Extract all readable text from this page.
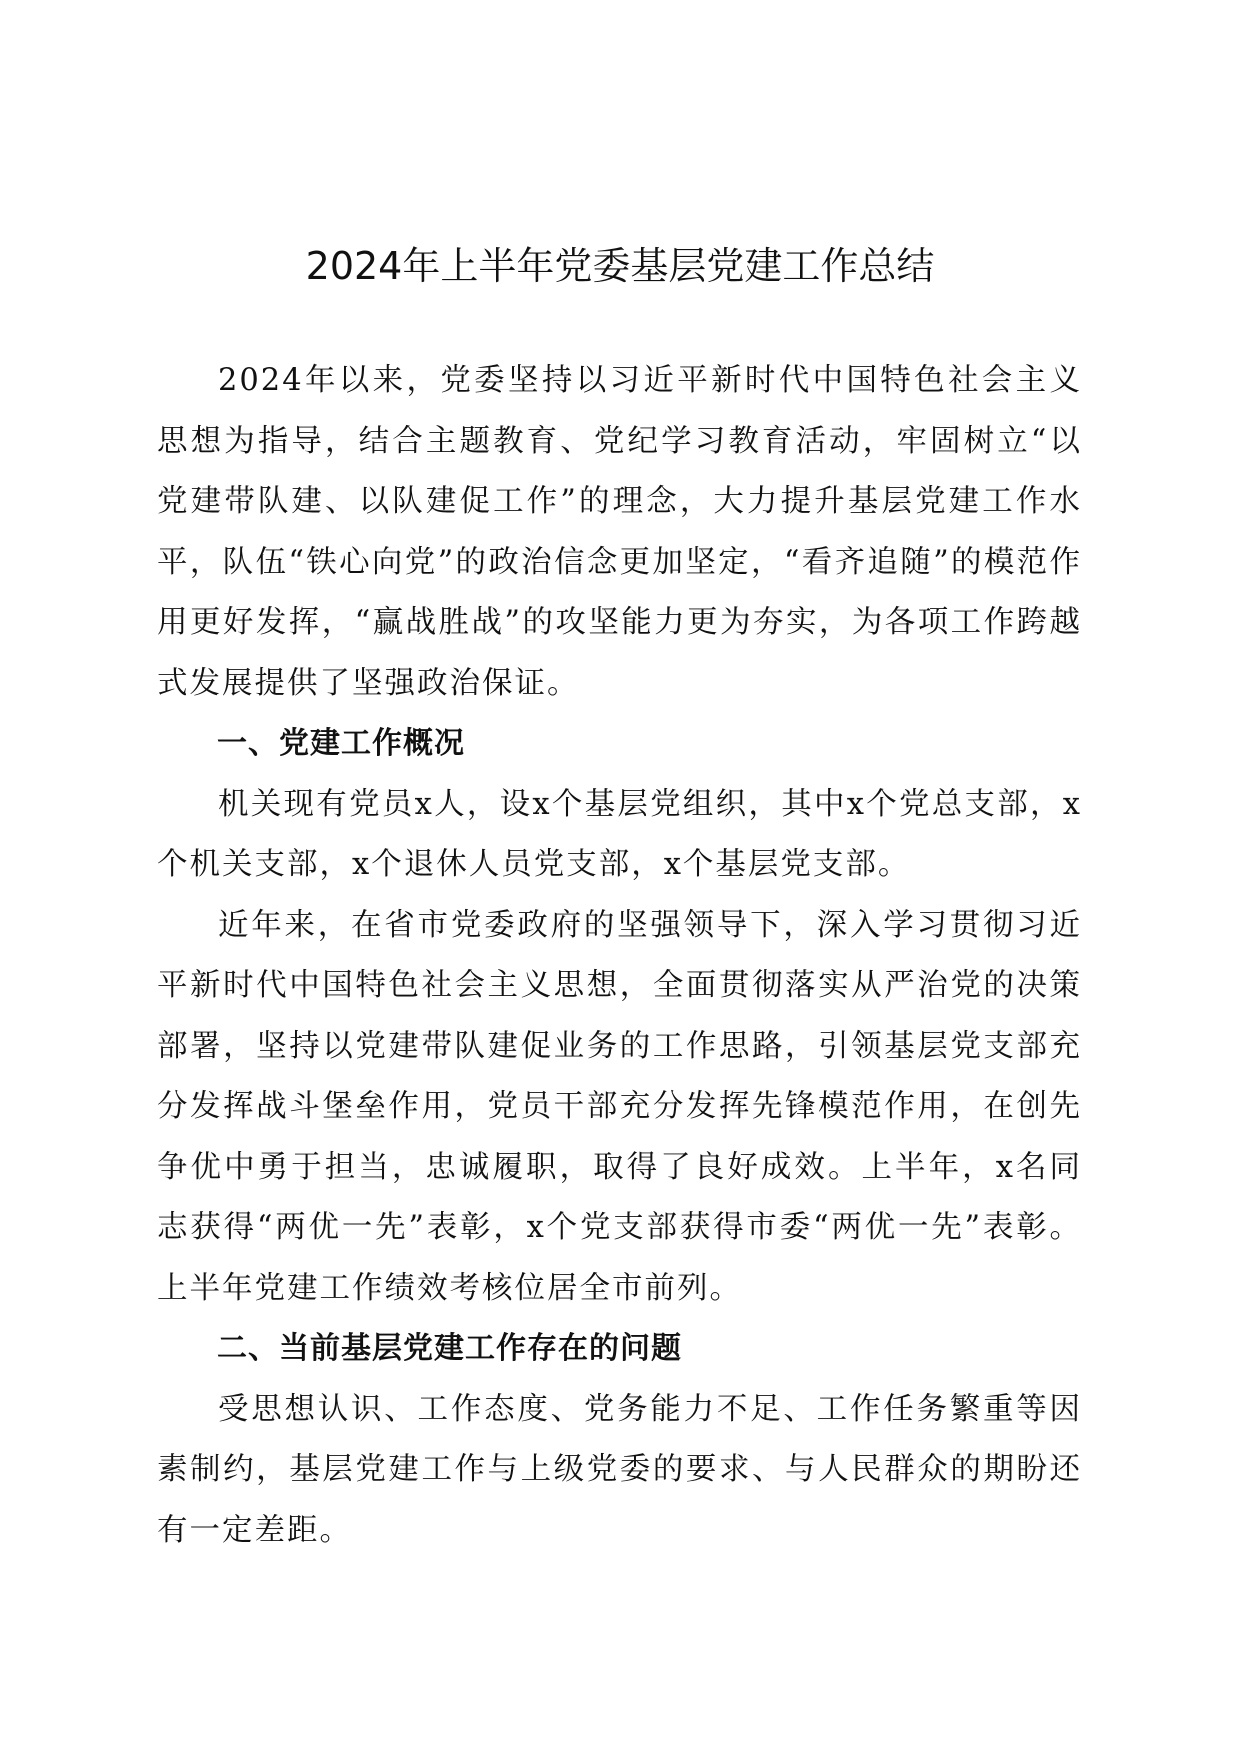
2024年上半年党委基层党建工作总结

2024年以来，党委坚持以习近平新时代中国特色社会主义思想为指导，结合主题教育、党纪学习教育活动，牢固树立“以党建带队建、以队建促工作”的理念，大力提升基层党建工作水平，队伍“铁心向党”的政治信念更加坚定，“看齐追随”的模范作用更好发挥，“赢战胜战”的攻坚能力更为夯实，为各项工作跨越式发展提供了坚强政治保证。

一、党建工作概况

机关现有党员x人，设x个基层党组织，其中x个党总支部，x个机关支部，x个退休人员党支部，x个基层党支部。

近年来，在省市党委政府的坚强领导下，深入学习贯彻习近平新时代中国特色社会主义思想，全面贯彻落实从严治党的决策部署，坚持以党建带队建促业务的工作思路，引领基层党支部充分发挥战斗堡垒作用，党员干部充分发挥先锋模范作用，在创先争优中勇于担当，忠诚履职，取得了良好成效。上半年，x名同志获得“两优一先”表彰，x个党支部获得市委“两优一先”表彰。上半年党建工作绩效考核位居全市前列。

二、当前基层党建工作存在的问题

受思想认识、工作态度、党务能力不足、工作任务繁重等因素制约，基层党建工作与上级党委的要求、与人民群众的期盼还有一定差距。
